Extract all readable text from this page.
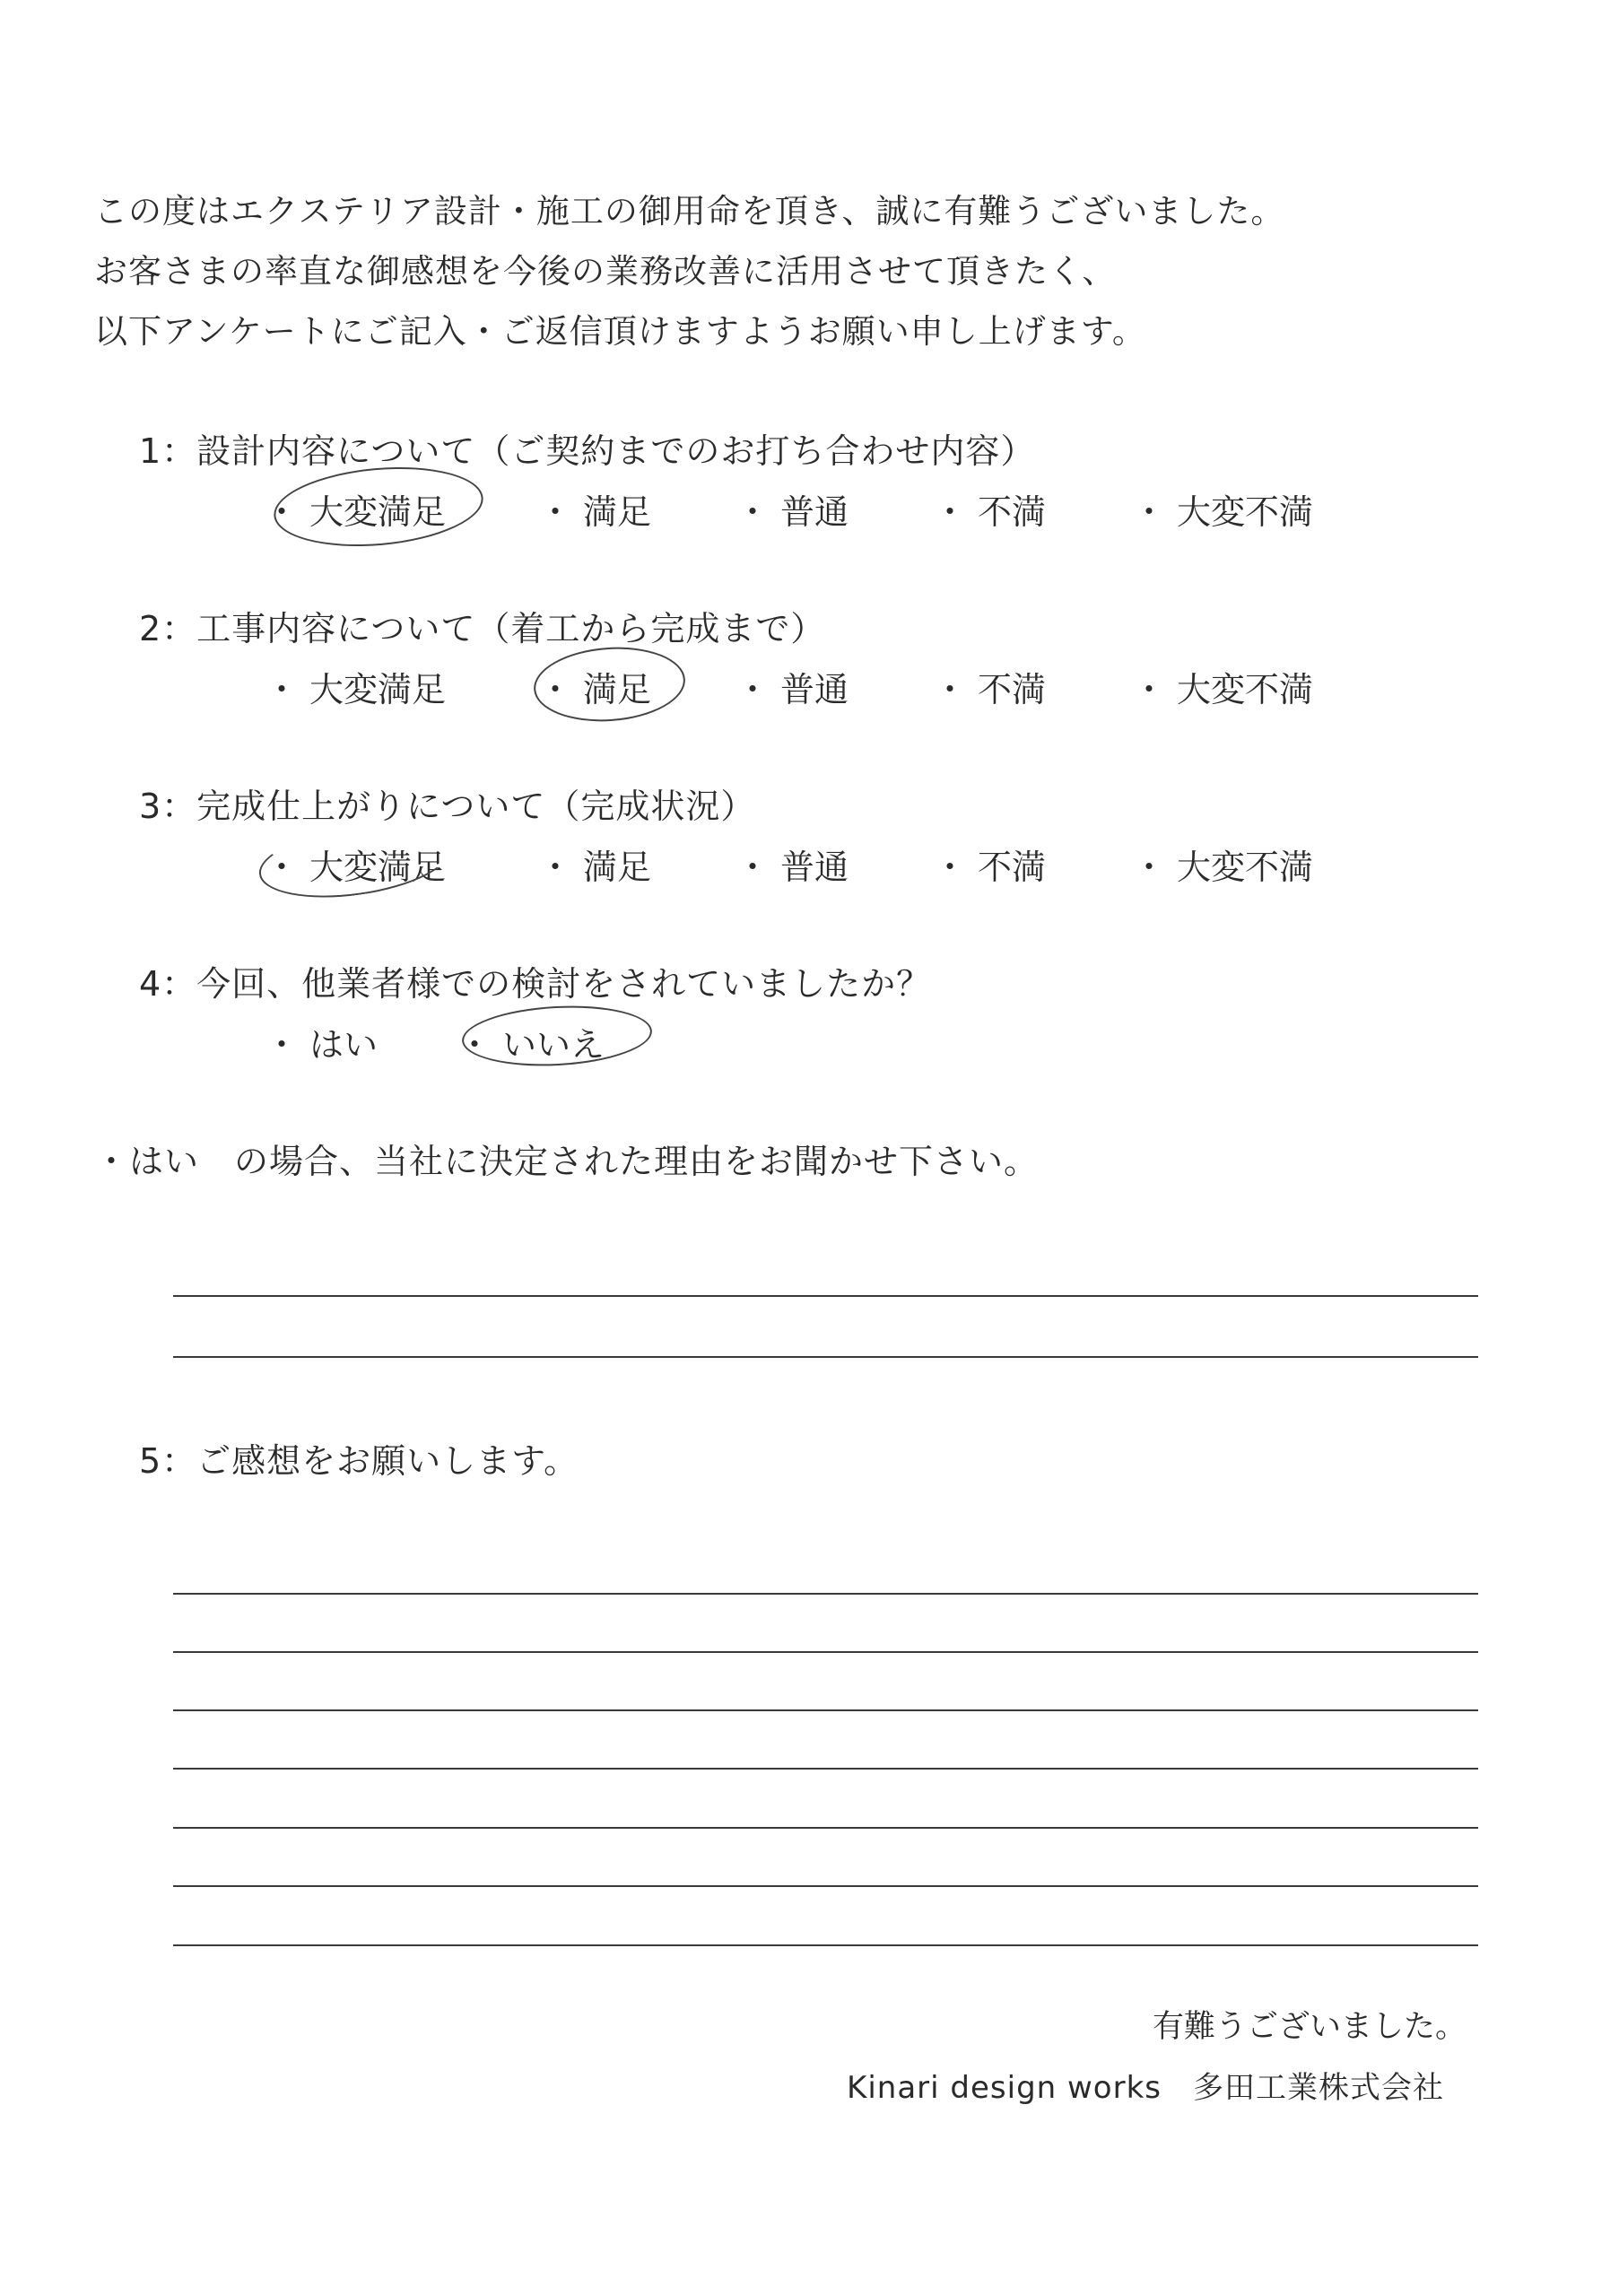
この度はエクステリア設計・施工の御用命を頂き、誠に有難うございました。
お客さまの率直な御感想を今後の業務改善に活用させて頂きたく、
以下アンケートにご記入・ご返信頂けますようお願い申し上げます。
1：設計内容について（ご契約までのお打ち合わせ内容）
・ 大変満足	・ 満足 ・ 普通 ・ 不満	・ 大変不満
2：工事内容について（着工から完成まで）
・ 大変満足	・ 満足 ・ 普通 ・ 不満	・ 大変不満
3：完成仕上がりについて（完成状況）
・ 大変満足	・ 満足 ・ 普通 ・ 不満	・ 大変不満
4：今回、他業者様での検討をされていましたか？
・ はい ・ いいえ
・はい　の場合、当社に決定された理由をお聞かせ下さい。
5：ご感想をお願いします。
有難うございました。
Kinari design works　多田工業株式会社
